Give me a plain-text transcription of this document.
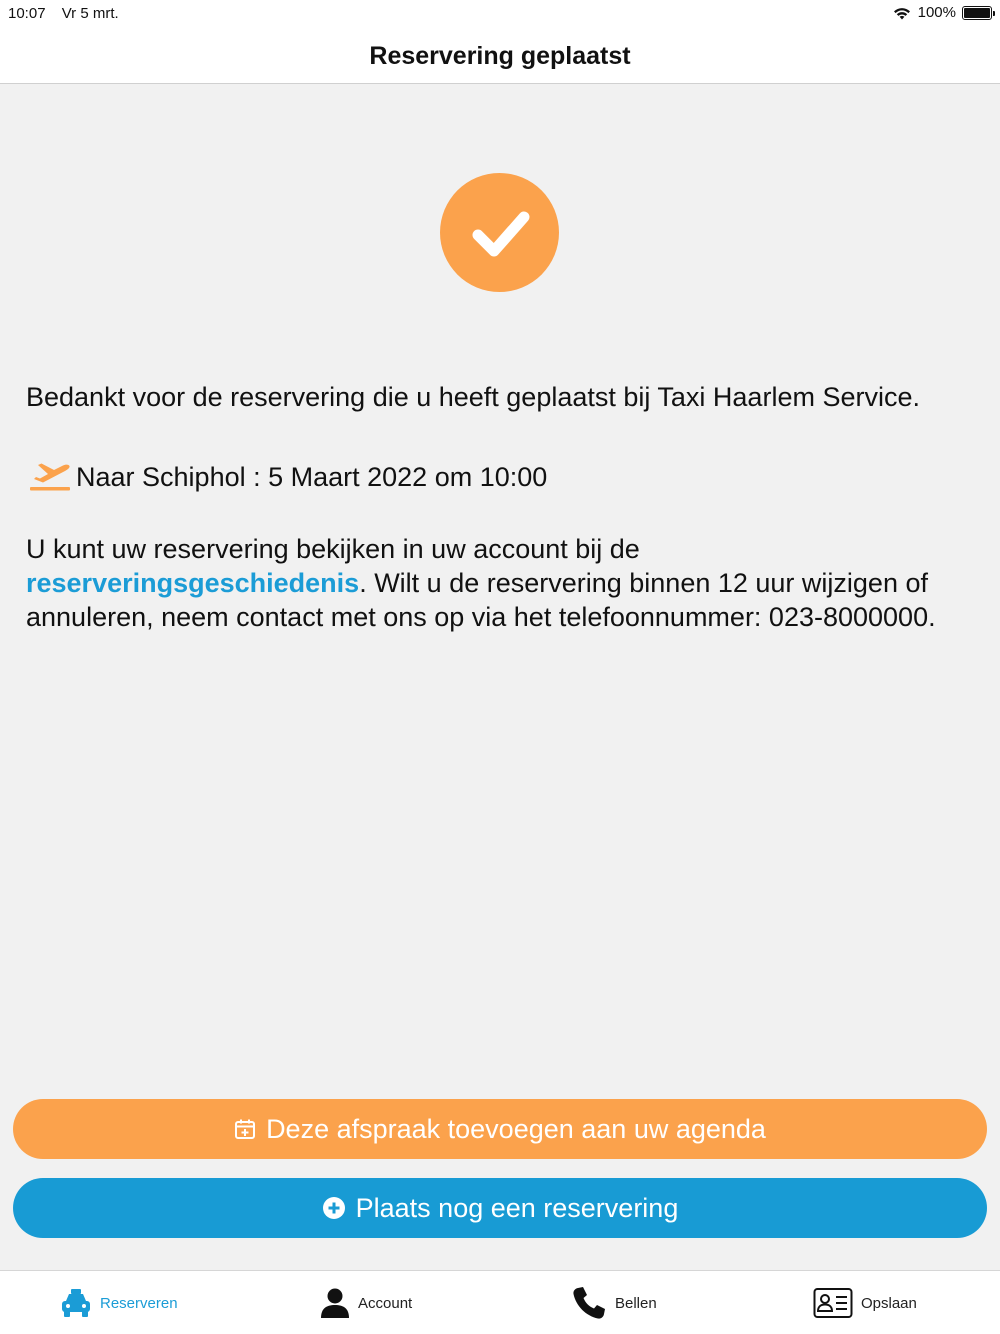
10:07 Vr 5 mrt.	100%
Reservering geplaatst

Bedankt voor de reservering die u heeft geplaatst bij Taxi Haarlem Service.

Naar Schiphol : 5 Maart 2022 om 10:00

U kunt uw reservering bekijken in uw account bij de reserveringsgeschiedenis. Wilt u de reservering binnen 12 uur wijzigen of annuleren, neem contact met ons op via het telefoonnummer: 023-8000000.

Deze afspraak toevoegen aan uw agenda
Plaats nog een reservering
Reserveren	Account	Bellen	Opslaan
